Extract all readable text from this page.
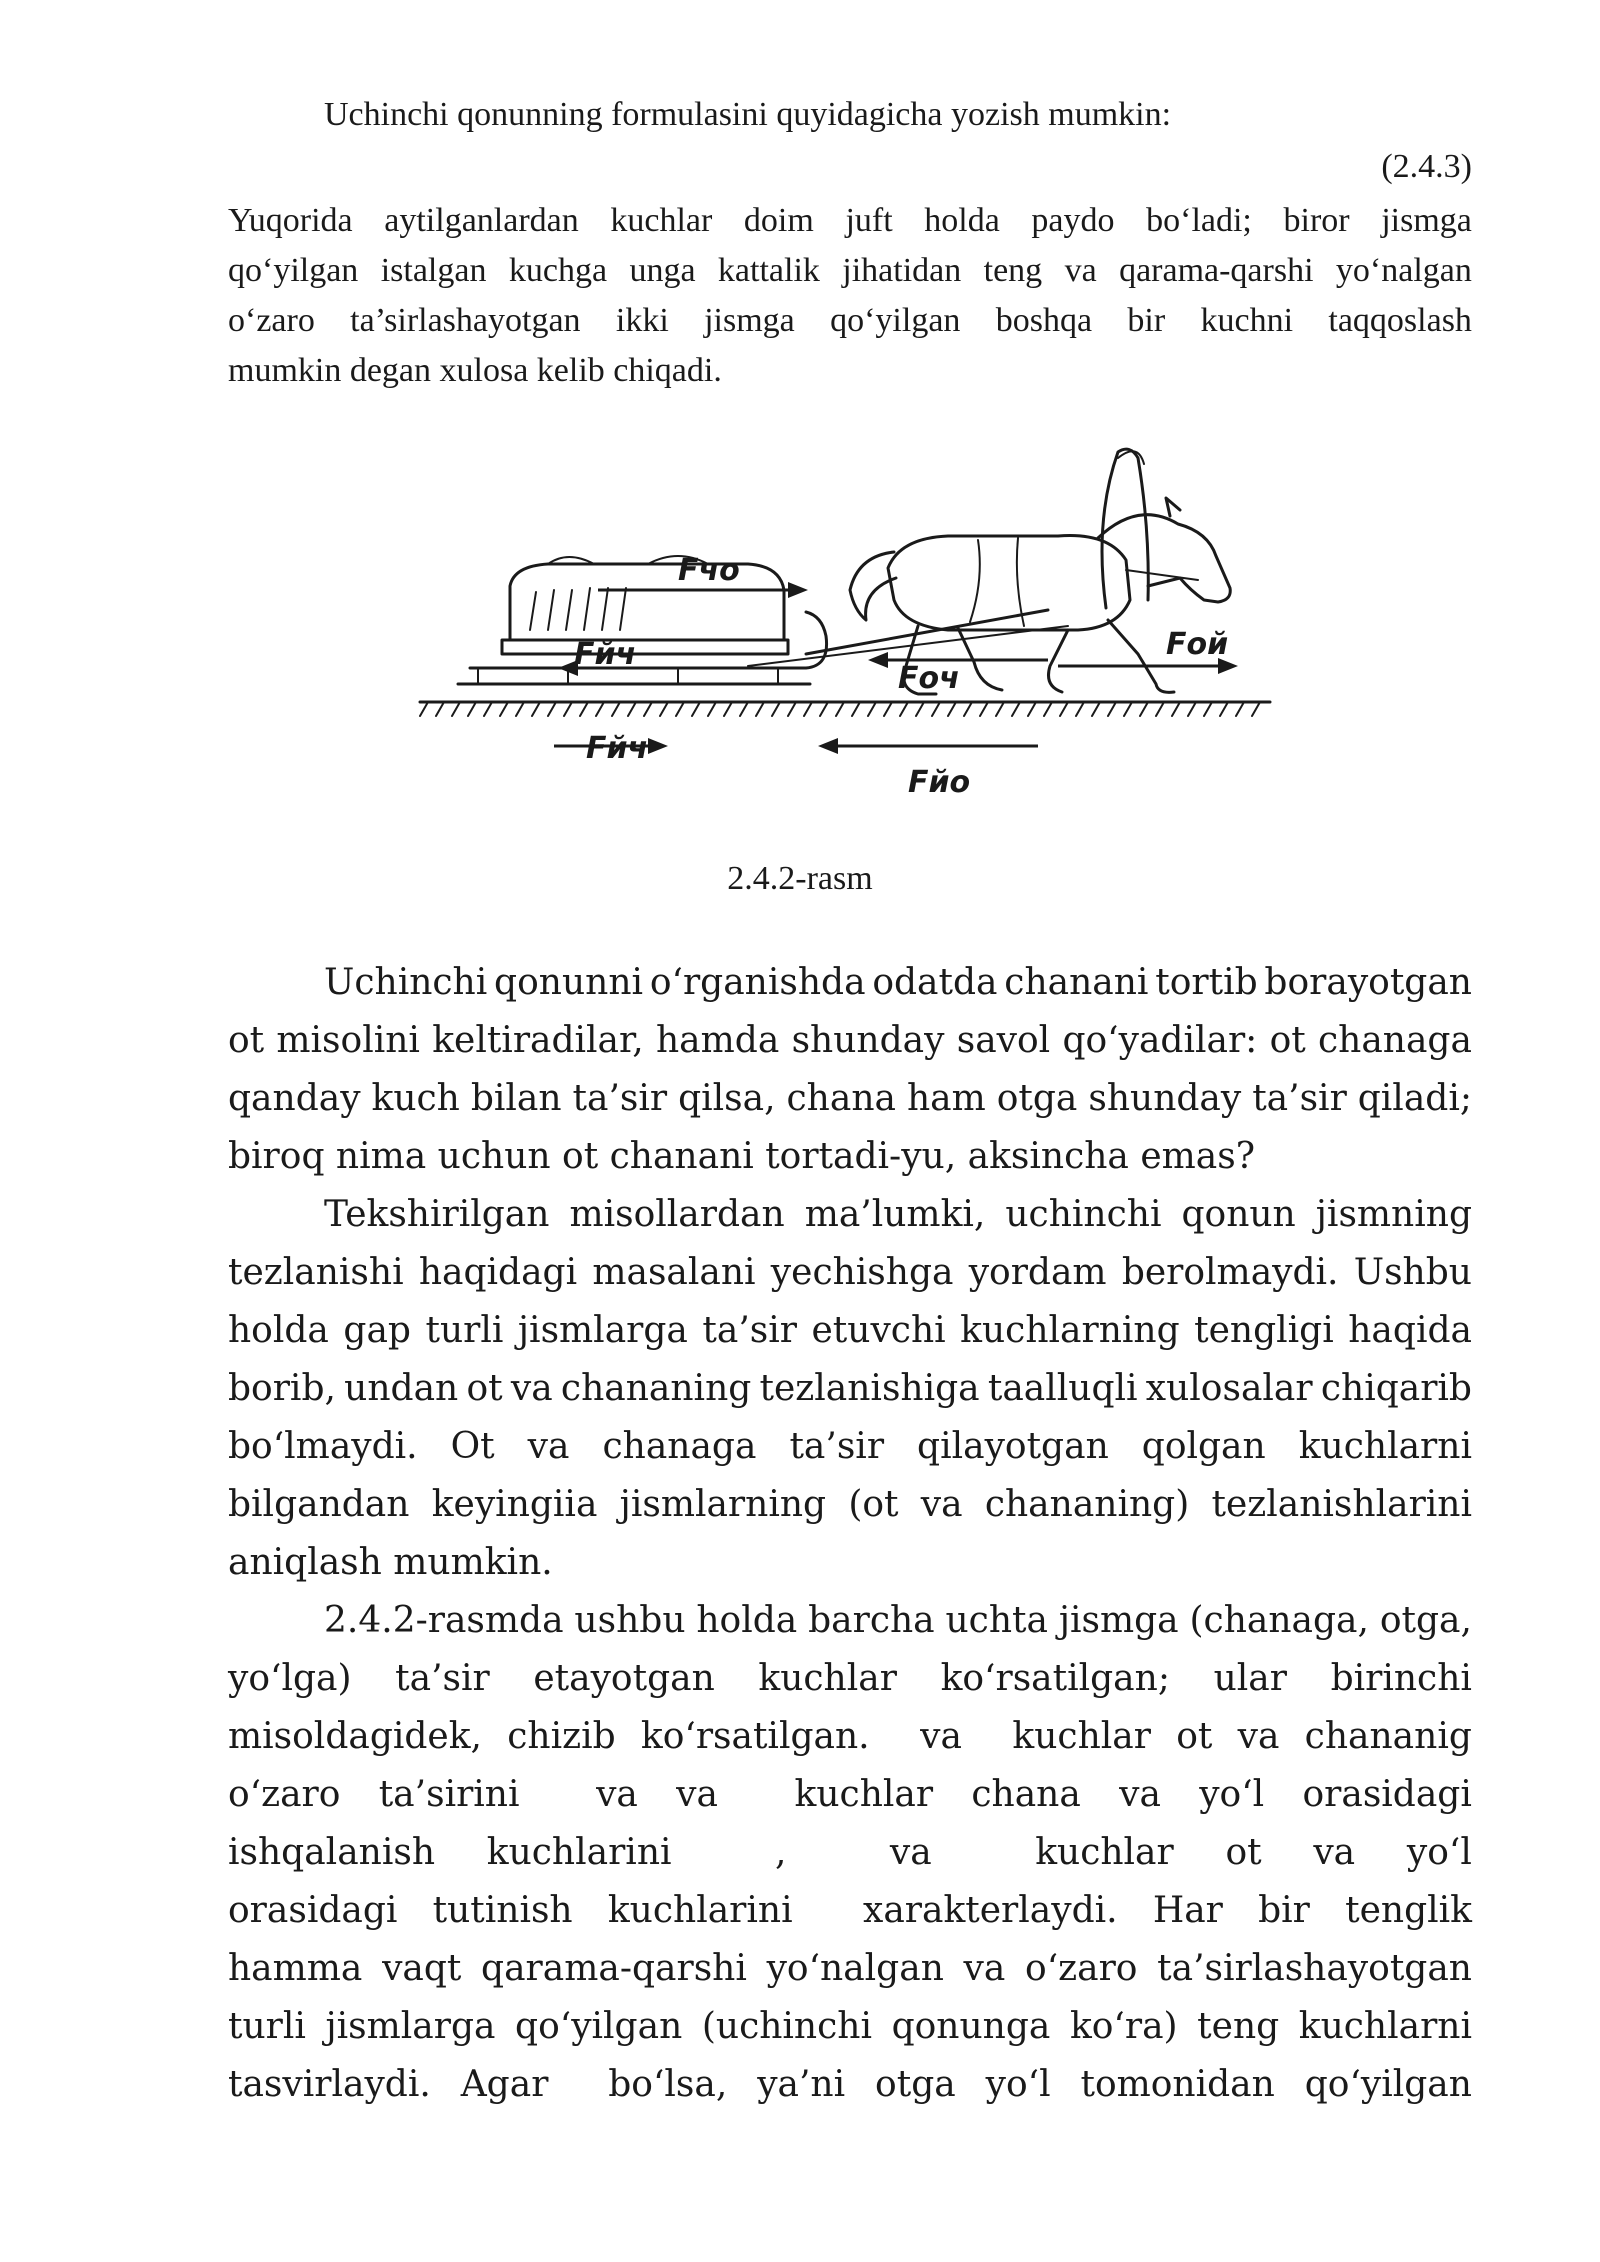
Uchinchi qonunning formulasini quyidagicha yozish mumkin:
(2.4.3)
Yuqorida aytilganlardan kuchlar doim juft holda paydo bo‘ladi; biror jismga
qo‘yilgan istalgan kuchga unga kattalik jihatidan teng va qarama-qarshi yo‘nalgan
o‘zaro ta’sirlashayotgan ikki jismga qo‘yilgan boshqa bir kuchni taqqoslash
mumkin degan xulosa kelib chiqadi.
Fчо
Fйч
Fоч
Fой
Fйч
Fйо
2.4.2-rasm
Uchinchi qonunni o‘rganishda odatda chanani tortib borayotgan
ot misolini keltiradilar, hamda shunday savol qo‘yadilar: ot chanaga
qanday kuch bilan ta’sir qilsa, chana ham otga shunday ta’sir qiladi;
biroq nima uchun ot chanani tortadi-yu, aksincha emas?
Tekshirilgan misollardan ma’lumki, uchinchi qonun jismning
tezlanishi haqidagi masalani yechishga yordam berolmaydi. Ushbu
holda gap turli jismlarga ta’sir etuvchi kuchlarning tengligi haqida
borib, undan ot va chananing tezlanishiga taalluqli xulosalar chiqarib
bo‘lmaydi. Ot va chanaga ta’sir qilayotgan qolgan kuchlarni
bilgandan keyingiia jismlarning (ot va chananing) tezlanishlarini
aniqlash mumkin.
2.4.2-rasmda ushbu holda barcha uchta jismga (chanaga, otga,
yo‘lga) ta’sir etayotgan kuchlar ko‘rsatilgan; ular birinchi
misoldagidek, chizib ko‘rsatilgan. va kuchlar ot va chananig
o‘zaro ta’sirini va va kuchlar chana va yo‘l orasidagi
ishqalanish kuchlarini	,	va	kuchlar ot va yo‘l
orasidagi tutinish kuchlarini xarakterlaydi. Har bir tenglik
hamma vaqt qarama-qarshi yo‘nalgan va o‘zaro ta’sirlashayotgan
turli jismlarga qo‘yilgan (uchinchi qonunga ko‘ra) teng kuchlarni
tasvirlaydi. Agar bo‘lsa, ya’ni otga yo‘l tomonidan qo‘yilgan
